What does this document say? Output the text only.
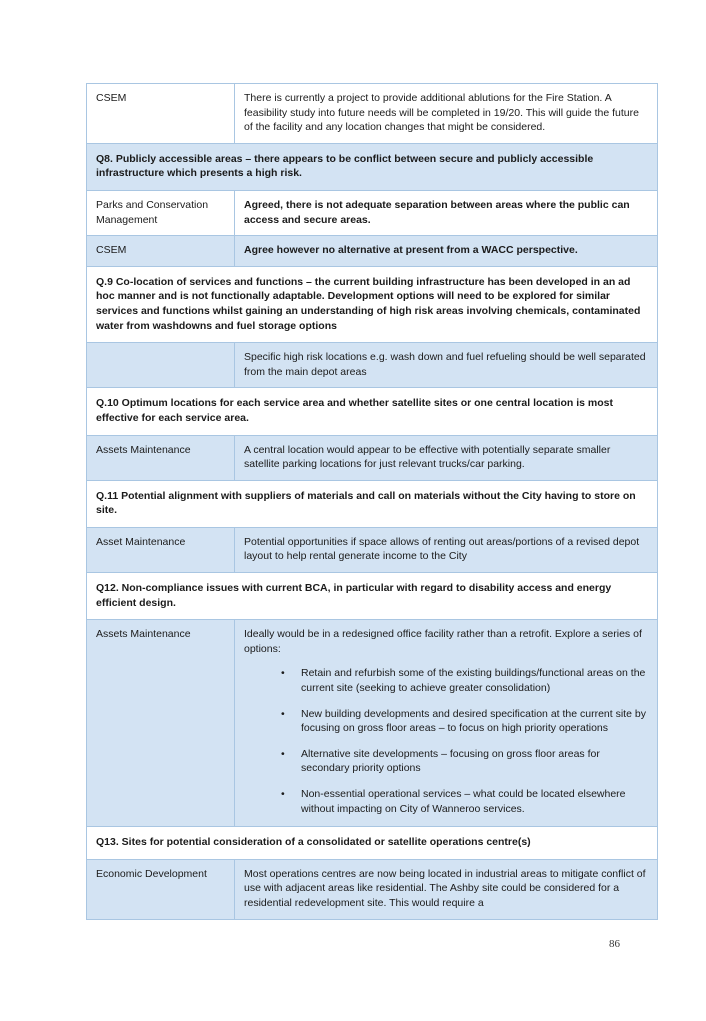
CSEM	There is currently a project to provide additional ablutions for the Fire Station. A feasibility study into future needs will be completed in 19/20. This will guide the future of the facility and any location changes that might be considered.
Q8. Publicly accessible areas – there appears to be conflict between secure and publicly accessible infrastructure which presents a high risk.	
Parks and Conservation Management	Agreed, there is not adequate separation between areas where the public can access and secure areas.
CSEM	Agree however no alternative at present from a WACC perspective.
Q.9 Co-location of services and functions – the current building infrastructure has been developed in an ad hoc manner and is not functionally adaptable. Development options will need to be explored for similar services and functions whilst gaining an understanding of high risk areas involving chemicals, contaminated water from washdowns and fuel storage options	
	Specific high risk locations e.g. wash down and fuel refueling should be well separated from the main depot areas
Q.10 Optimum locations for each service area and whether satellite sites or one central location is most effective for each service area.	
Assets Maintenance	A central location would appear to be effective with potentially separate smaller satellite parking locations for just relevant trucks/car parking.
Q.11 Potential alignment with suppliers of materials and call on materials without the City having to store on site.	
Asset Maintenance	Potential opportunities if space allows of renting out areas/portions of a revised depot layout to help rental generate income to the City
Q12. Non-compliance issues with current BCA, in particular with regard to disability access and energy efficient design.	
Assets Maintenance	Ideally would be in a redesigned office facility rather than a retrofit. Explore a series of options:
• Retain and refurbish some of the existing buildings/functional areas on the current site (seeking to achieve greater consolidation)
• New building developments and desired specification at the current site by focusing on gross floor areas – to focus on high priority operations
• Alternative site developments – focusing on gross floor areas for secondary priority options
• Non-essential operational services – what could be located elsewhere without impacting on City of Wanneroo services.

Q13. Sites for potential consideration of a consolidated or satellite operations centre(s)	
Economic Development	Most operations centres are now being located in industrial areas to mitigate conflict of use with adjacent areas like residential. The Ashby site could be considered for a residential redevelopment site. This would require a
86
